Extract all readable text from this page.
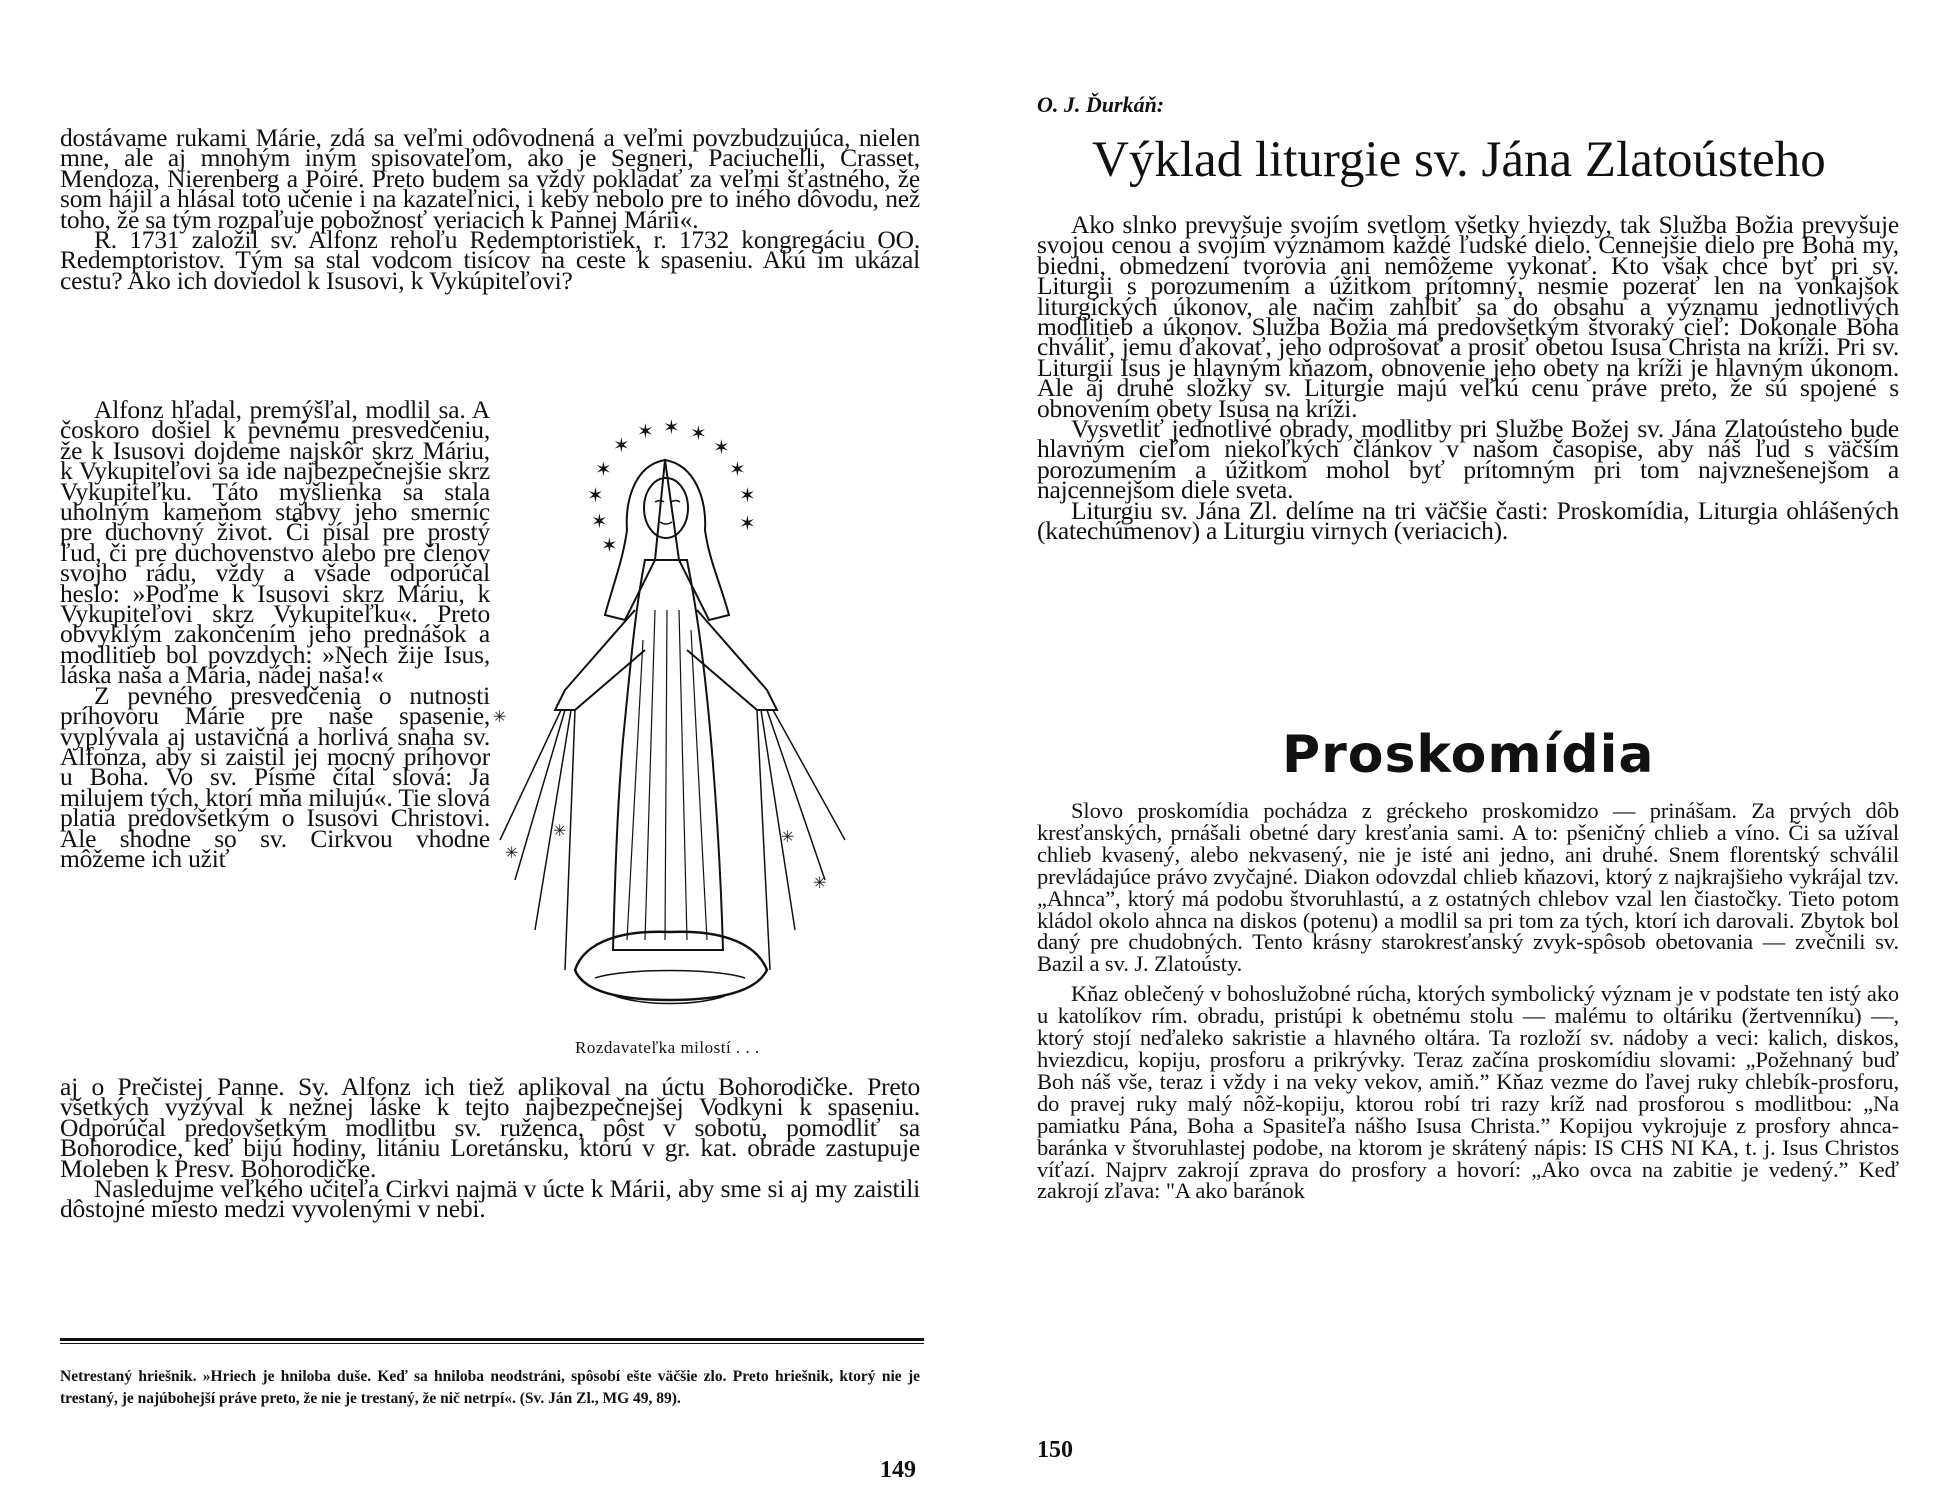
dostávame rukami Márie, zdá sa veľmi odôvodnená a veľmi povzbudzujúca, nielen mne, ale aj mnohým iným spisovateľom, ako je Segneri, Paciuchelli, Crasset, Mendoza, Nierenberg a Poiré. Preto budem sa vždy pokladať za veľmi šťastného, že som hájil a hlásal toto učenie i na kazateľnici, i keby nebolo pre to iného dôvodu, než toho, že sa tým rozpaľuje pobožnosť veriacich k Pannej Márii«.

R. 1731 založil sv. Alfonz rehoľu Redemptoristiek, r. 1732 kongregáciu OO. Redemptoristov. Tým sa stal vodcom tisícov na ceste k spaseniu. Akú im ukázal cestu? Ako ich doviedol k Isusovi, k Vykúpiteľovi?

Alfonz hľadal, premýšľal, modlil sa. A čoskoro došiel k pevnému presvedčeniu, že k Isusovi dojdeme najskôr skrz Máriu, k Vykupiteľovi sa ide najbezpečnejšie skrz Vykupiteľku. Táto myšlienka sa stala uholným kameňom stabvy jeho smerníc pre duchovný život. Či písal pre prostý ľud, či pre duchovenstvo alebo pre členov svojho rádu, vždy a všade odporúčal heslo: »Poďme k Isusovi skrz Máriu, k Vykupiteľovi skrz Vykupiteľku«. Preto obvyklým zakončením jeho prednášok a modlitieb bol povzdych: »Nech žije Isus, láska naša a Mária, nádej naša!«

Z pevného presvedčenia o nutnosti príhovoru Márie pre naše spasenie, vyplývala aj ustavičná a horlivá snaha sv. Alfonza, aby si zaistil jej mocný príhovor u Boha. Vo sv. Písme čítal slová: Ja milujem tých, ktorí mňa milujú«. Tie slová platia predovšetkým o Isusovi Christovi. Ale shodne so sv. Cirkvou vhodne môžeme ich užiť

✶
✶ ✶ ✶
✶
✶
✶
✶
✶
✶
✶
✶
✳
✳	✳
✳
✳
Rozdavateľka milostí . . .

aj o Prečistej Panne. Sv. Alfonz ich tiež aplikoval na úctu Bohorodičke. Preto všetkých vyzýval k nežnej láske k tejto najbezpečnejšej Vodkyni k spaseniu. Odporúčal predovšetkým modlitbu sv. ruženca, pôst v sobotu, pomodliť sa Bohorodice, keď bijú hodiny, litániu Loretánsku, ktorú v gr. kat. obrade zastupuje Moleben k Presv. Bohorodičke.

Nasledujme veľkého učiteľa Cirkvi najmä v úcte k Márii, aby sme si aj my zaistili dôstojné miesto medzi vyvolenými v nebi.

Netrestaný hriešnik. »Hriech je hniloba duše. Keď sa hniloba neodstráni, spôsobí ešte väčšie zlo. Preto hriešnik, ktorý nie je trestaný, je najúbohejší práve preto, že nie je trestaný, že nič netrpí«. (Sv. Ján Zl., MG 49, 89).
149
O. J. Ďurkáň:
Výklad liturgie sv. Jána Zlatoústeho

Ako slnko prevyšuje svojím svetlom všetky hviezdy, tak Služba Božia prevyšuje svojou cenou a svojím významom každé ľudské dielo. Cennejšie dielo pre Boha my, biedni, obmedzení tvorovia ani nemôžeme vykonať. Kto však chce byť pri sv. Liturgii s porozumením a úžitkom prítomný, nesmie pozerať len na vonkajšok liturgických úkonov, ale načim zahĺbiť sa do obsahu a významu jednotlivých modlitieb a úkonov. Služba Božia má predovšetkým štvoraký cieľ: Dokonale Boha chváliť, jemu ďakovať, jeho odprošovať a prosiť obetou Isusa Christa na kríži. Pri sv. Liturgii Isus je hlavným kňazom, obnovenie jeho obety na kríži je hlavným úkonom. Ale aj druhé složky sv. Liturgie majú veľkú cenu práve preto, že sú spojené s obnovením obety Isusa na kríži.

Vysvetliť jednotlivé obrady, modlitby pri Službe Božej sv. Jána Zlatoústeho bude hlavným cieľom niekoľkých článkov v našom časopise, aby náš ľud s väčším porozumením a úžitkom mohol byť prítomným pri tom najvznešenejšom a najcennejšom diele sveta.

Liturgiu sv. Jána Zl. delíme na tri väčšie časti: Proskomídia, Liturgia ohlášených (katechúmenov) a Liturgiu virnych (veriacich).

Proskomídia

Slovo proskomídia pochádza z gréckeho proskomidzo — prinášam. Za prvých dôb kresťanských, prnášali obetné dary kresťania sami. A to: pšeničný chlieb a víno. Či sa užíval chlieb kvasený, alebo nekvasený, nie je isté ani jedno, ani druhé. Snem florentský schválil prevládajúce právo zvyčajné. Diakon odovzdal chlieb kňazovi, ktorý z najkrajšieho vykrájal tzv. „Ahnca”, ktorý má podobu štvoruhlastú, a z ostatných chlebov vzal len čiastočky. Tieto potom kládol okolo ahnca na diskos (potenu) a modlil sa pri tom za tých, ktorí ich darovali. Zbytok bol daný pre chudobných. Tento krásny starokresťanský zvyk-spôsob obetovania — zvečnili sv. Bazil a sv. J. Zlatoústy.

Kňaz oblečený v bohoslužobné rúcha, ktorých symbolický význam je v podstate ten istý ako u katolíkov rím. obradu, pristúpi k obetnému stolu — malému to oltáriku (žertvenníku) —, ktorý stojí neďaleko sakristie a hlavného oltára. Ta rozloží sv. nádoby a veci: kalich, diskos, hviezdicu, kopiju, prosforu a prikrývky. Teraz začína proskomídiu slovami: „Požehnaný buď Boh náš vše, teraz i vždy i na veky vekov, amiň.” Kňaz vezme do ľavej ruky chlebík-prosforu, do pravej ruky malý nôž-kopiju, ktorou robí tri razy kríž nad prosforou s modlitbou: „Na pamiatku Pána, Boha a Spasiteľa nášho Isusa Christa.” Kopijou vykrojuje z prosfory ahnca-baránka v štvoruhlastej podobe, na ktorom je skrátený nápis: IS CHS NI KA, t. j. Isus Christos víťazí. Najprv zakrojí zprava do prosfory a hovorí: „Ako ovca na zabitie je vedený.” Keď zakrojí zľava: "A ako baránok

150
